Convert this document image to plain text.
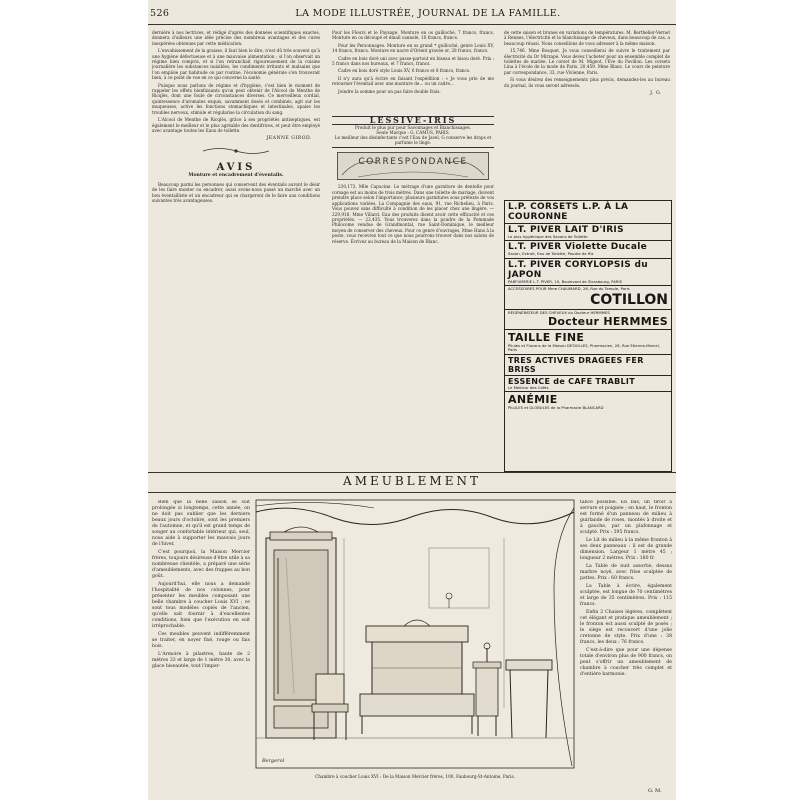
526	LA MODE ILLUSTRÉE, JOURNAL DE LA FAMILLE.

dernière à nos lectrices, et rédigé d'après des données scientifiques exactes, donnera d'ailleurs une idée précise des nombreux avantages et des cures inespérées obtenues par cette médication.

L'envahissement de la graisse, il faut bien le dire, n'est dû très souvent qu'à une hygiène défectueuse et à une mauvaise alimentation ; si l'on observait un régime bien compris, et si l'on retranchait rigoureusement de la cuisine journalière les substances nuisibles, les condiments irritants et malsains que l'on emploie par habitude ou par routine, l'économie générale s'en trouverait bien, à ce point de vue en ce qui concerne la santé.

Puisque nous parlons de régime et d'hygiène, c'est bien le moment de rappeler les effets bienfaisants qu'on peut obtenir de l'Alcool de Menthe de Ricqlès, dont une foule de circonstances diverses. Ce merveilleux cordial, quintessence d'aromates exquis, savamment dosés et combinés, agit sur les muqueuses, active les fonctions stomachiques et intestinales, apaise les troubles nerveux, stimule et régularise la circulation du sang.

L'Alcool de Menthe de Ricqlès, grâce à ses propriétés antiseptiques, est également le meilleur et le plus agréable des dentifrices, et peut être employé avec avantage toutes les Eaux de toilette.

JEANNE GIROD.
AVIS
Monture et encadrement d'éventails.

Beaucoup parmi les personnes qui conservent des éventails auront le désir de les faire monter ou encadrer, aussi avons-nous passé un marché avec un bon éventailliste et un encadreur qui se chargeront de le faire aux conditions suivantes très avantageuses.

Pour les Fleurs et le Paysage. Monture en os guilloché, 7 francs, francs. Monture en os découpé et émail cannelé, 10 francs, francs.

Pour les Personnages. Monture en os grand * guilloché, genre Louis XV, 14 francs, francs. Monture en nacre d'Orient gravée or, 28 francs, francs.

Cadre en bois doré uni avec passe-partout en biseau et bisou doré. Prix : 5 francs dans nos bureaux, et 7 francs, francs.

Cadre en bois doré style Louis XV, 6 francs et 8 francs, francs.

Il n'y aura qu'à écrire en faisant l'expédition : « Je vous prie de me retourner l'éventail avec une monture de... ou un cadre...

Joindre la somme pour un pas faire double frais.

LESSIVE-IRIS
Produit le plus pur pour Savonnages et Blanchissages.
Seule Marque : G. CAMUS, PARIS.
Le meilleur des désinfectants c'est l'Eau de Javel, G conserve les draps et parfume le linge.
CORRESPONDANCE

230,173, Mlle Capucine. Le métrage d'une garniture de dentelle pour corsage est au moins de trois mètres. Dans une toilette de mariage, doivent prendre place selon l'importance, plusieurs garnitures sous prétexte de vos applications variées. La Compagnie des eaux, 91, rue Richelieu, à Paris. Vous pouvez sans difficulté à condition de les placer chez une lingère. — 229,918. Mme Villard. Eau des produits disent avoir cette efficacité et ces propriétés. — 22,435. Vous trouverez dans la poudre de la Pommade Philocome vendue de Grandmontal, rue Saint-Dominique, le meilleur moyen de conserver des cheveux. Pour ce genre d'ouvrages, Mme Hans à la poste, vous recevrez tout ce que nous pourrons trouver dans nos salons de réserve. Écrivez au bureau de la Maison de Blanc.

de cette saison et brunes en variations de températures. M. Berthelier-Vernet à Rennes, l'électricité et le blanchissage de cheveux, dans beaucoup de cas, a beaucoup réussi. Nous conseillons de vous adresser à la même maison.

15,746. Mme Bosquet. Je vous conseillerai de suivre le traitement par électricité du Dr Mirzapé. Vous devez l'acheter pour un ensemble complet de toilettes de mariée. Le corset de M. Migeot, l'Eve du Pavillon. Les corsets Lina à l'école de la mode de Paris. 20,459. Mme Blanc. Le cours de peinture par correspondance, 33, rue Vivienne, Paris.

Si vous désirez des renseignements plus précis, demandez-les au bureau du journal, ils vous seront adressés.

J. G.
L.P. CORSETS L.P. À LA COURONNE
L.T. PIVER LAIT D'IRIS
Le plus hygiénique des Savons de Toilette
L.T. PIVER Violette Ducale
Savon, Extrait, Eau de Toilette, Poudre de Riz
L.T. PIVER CORYLOPSIS du JAPON
PARFUMERIE L.T. PIVER, 10, Boulevard de Strasbourg, PARIS
ACCESSOIRES POUR Mme CHAUMARD, 26, Rue du Temple, Paris
COTILLON
RÉGÉNÉRATEUR DES CHEVEUX du Docteur HERMMES
Docteur HERMMES
TAILLE FINE
Pilules et Flacons de la Maison DESVILLES, Pharmacien, 26, Rue Étienne-Marcel, Paris
TRES ACTIVES DRAGEES FER BRISS
ESSENCE de CAFE TRABLIT
Le Meilleur des Cafés
ANÉMIE
PILULES et GLOBULES de la Pharmacie BLANCARD
AMEUBLEMENT

Bien que la belle saison se soit prolongée si longtemps, cette année, on ne doit pas oublier que les derniers beaux jours d'octobre, sont les premiers de l'automne, et qu'il est grand temps de songer au confortable intérieur qui, seul, nous aide à supporter les mauvais jours de l'hiver.

C'est pourquoi, la Maison Mercier frères, toujours désireuse d'être utile à sa nombreuse clientèle, a préparé une série d'ameublements, avec des frappes au bon goût.

Aujourd'hui, elle nous a demandé l'hospitalité de nos colonnes, pour présenter les meubles composant une belle chambre à coucher Louis XVI ; ce sont tous modèles copiés de l'ancien, qu'elle sait fournir à d'excellentes conditions, bien que l'exécution en soit irréprochable.

Ces meubles peuvent indifféremment se traiter, en noyer fixé, rouge ou fais bois.

L'Armoire à pilastres, haute de 2 mètres 33 et large de 1 mètre 30, avec la glace biseautée, tout l'impor-

Bergerol
Chambre à coucher Louis XVI : De la Maison Mercier frères, 100, Faubourg-St-Antoine, Paris.

tance possible. En bas, un tiroir à serrure et poignée ; en haut, le fronton est formé d'un panneau de milieu à guirlande de roses, montés à droite et à gauche, par un plafonnage et sculpté. Prix : 395 francs.

Le Lit de milieu à la même fronton à ses deux panneaux : il est de grande dimension. Largeur 1 mètre 45 ; longueur 2 mètres. Prix : 180 fr.

La Table de nuit assortie, dessus marbre noyé, avec frise sculptée de pattes. Prix : 60 francs.

La Table à écrire, également sculptée, est longue de 70 centimètres et large de 35 centimètres. Prix : 115 francs.

Enfin 2 Chaises légères, complètent cet élégant et pratique ameublement ; le fronton est aussi sculpté de posés ; le siège est recouvert d'une jolie cretonne de style. Prix d'une : 38 francs, les deux : 76 francs.

C'est-à-dire que pour une dépense totale d'environ plus de 900 francs, on peut s'offrir un ameublement de chambre à coucher très complet et d'entière harmonie.

G. M.
